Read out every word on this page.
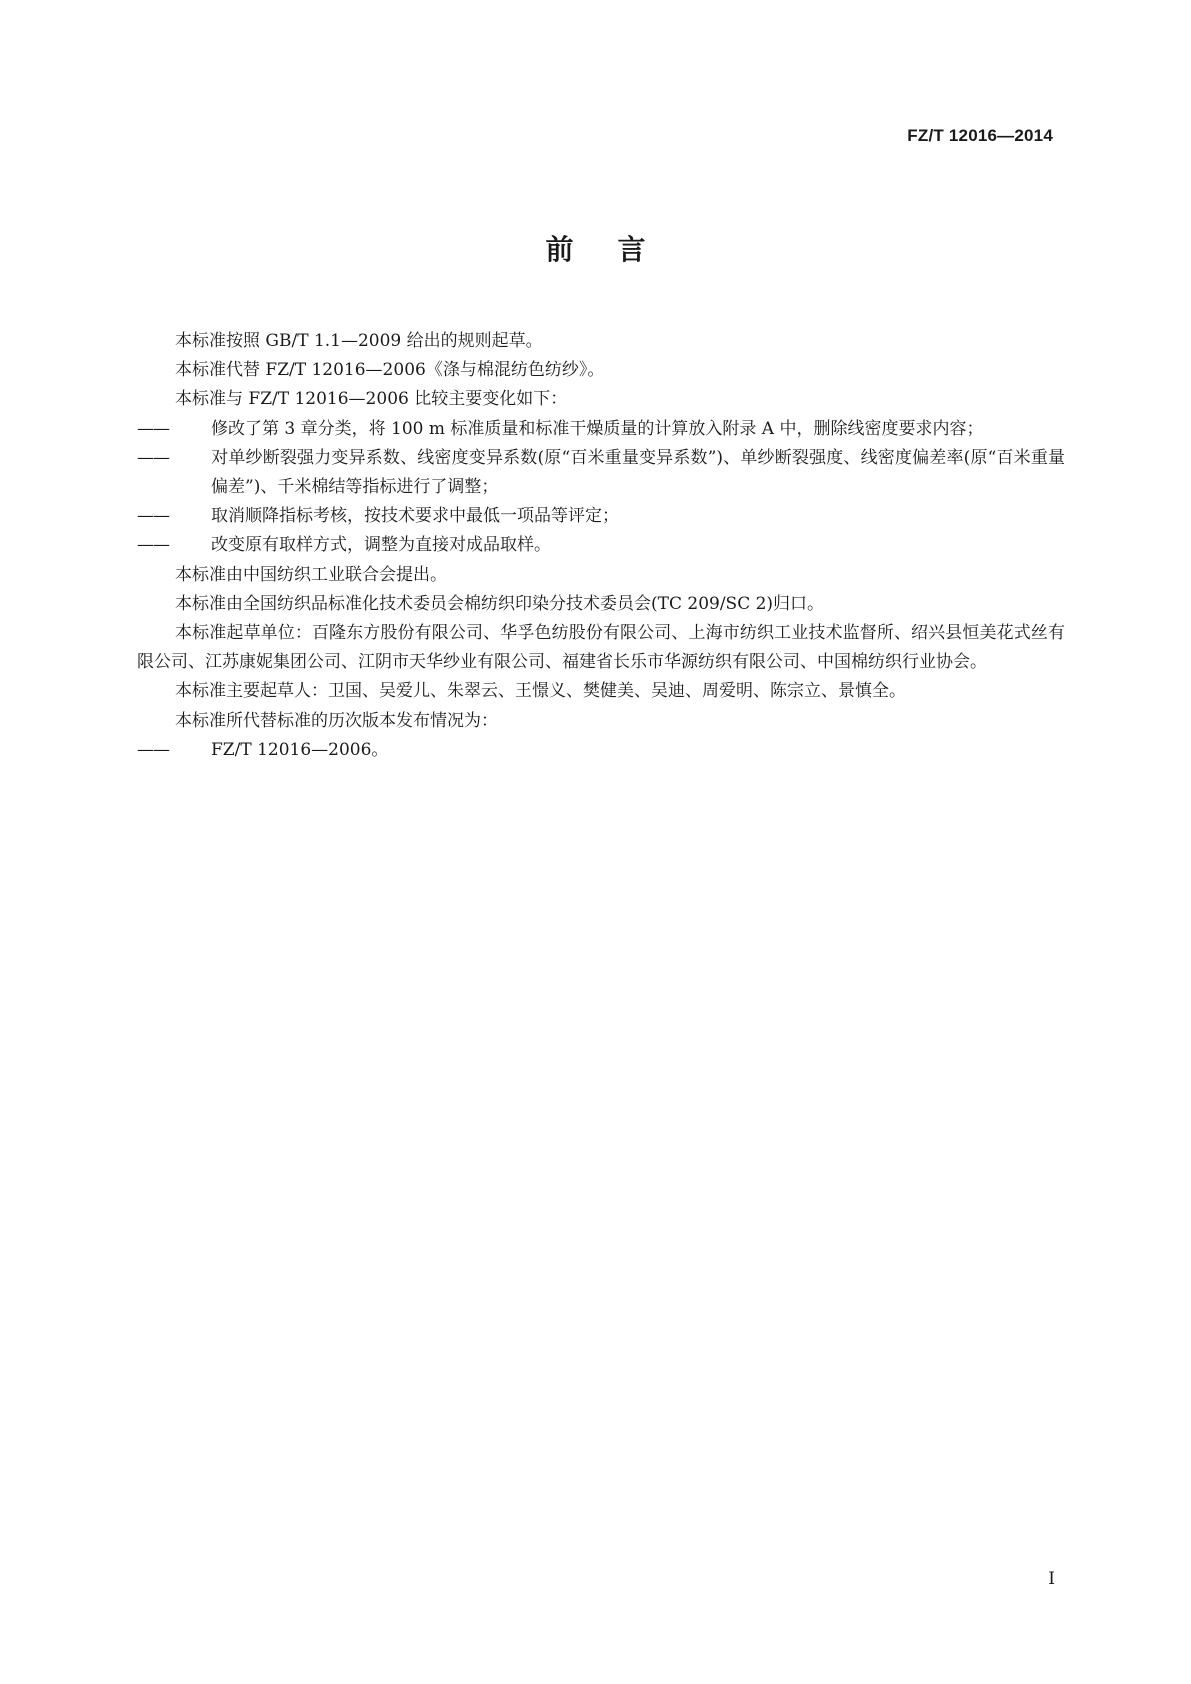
FZ/T 12016—2014
前言

本标准按照 GB/T 1.1—2009 给出的规则起草。

本标准代替 FZ/T 12016—2006《涤与棉混纺色纺纱》。

本标准与 FZ/T 12016—2006 比较主要变化如下：

—— 修改了第 3 章分类，将 100 m 标准质量和标准干燥质量的计算放入附录 A 中，删除线密度要求内容；

—— 对单纱断裂强力变异系数、线密度变异系数(原“百米重量变异系数”)、单纱断裂强度、线密度偏差率(原“百米重量偏差”)、千米棉结等指标进行了调整；

—— 取消顺降指标考核，按技术要求中最低一项品等评定；

—— 改变原有取样方式，调整为直接对成品取样。

本标准由中国纺织工业联合会提出。

本标准由全国纺织品标准化技术委员会棉纺织印染分技术委员会(TC 209/SC 2)归口。

本标准起草单位：百隆东方股份有限公司、华孚色纺股份有限公司、上海市纺织工业技术监督所、绍兴县恒美花式丝有限公司、江苏康妮集团公司、江阴市天华纱业有限公司、福建省长乐市华源纺织有限公司、中国棉纺织行业协会。

本标准主要起草人：卫国、吴爱儿、朱翠云、王憬义、樊健美、吴迪、周爱明、陈宗立、景慎全。

本标准所代替标准的历次版本发布情况为：

—— FZ/T 12016—2006。

I
